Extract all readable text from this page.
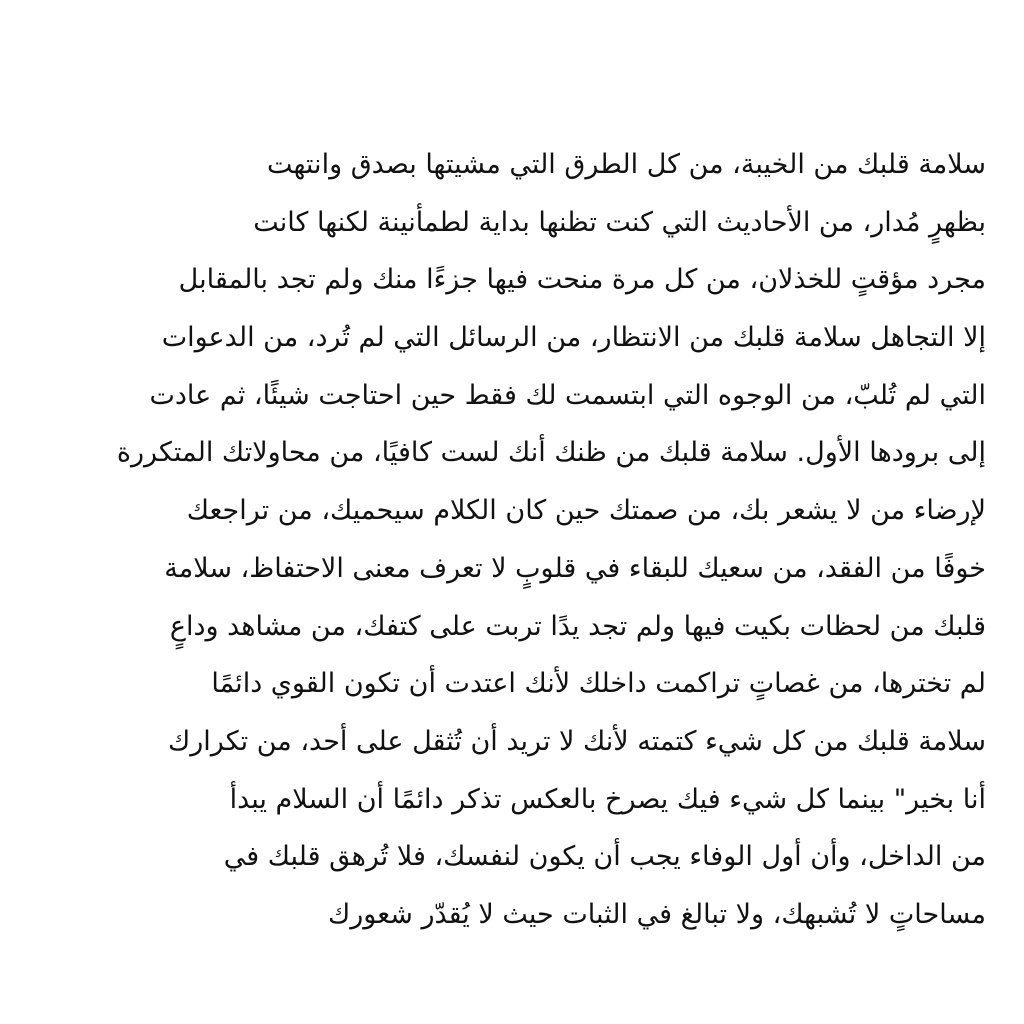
سلامة قلبك من الخيبة، من كل الطرق التي مشيتها بصدق وانتهت
بظهرٍ مُدار، من الأحاديث التي كنت تظنها بداية لطمأنينة لكنها كانت
مجرد مؤقتٍ للخذلان، من كل مرة منحت فيها جزءًا منك ولم تجد بالمقابل
إلا التجاهل سلامة قلبك من الانتظار، من الرسائل التي لم تُرد، من الدعوات
التي لم تُلبّ، من الوجوه التي ابتسمت لك فقط حين احتاجت شيئًا، ثم عادت
إلى برودها الأول. سلامة قلبك من ظنك أنك لست كافيًا، من محاولاتك المتكررة
لإرضاء من لا يشعر بك، من صمتك حين كان الكلام سيحميك، من تراجعك
خوفًا من الفقد، من سعيك للبقاء في قلوبٍ لا تعرف معنى الاحتفاظ، سلامة
قلبك من لحظات بكيت فيها ولم تجد يدًا تربت على كتفك، من مشاهد وداعٍ
لم تخترها، من غصاتٍ تراكمت داخلك لأنك اعتدت أن تكون القوي دائمًا
سلامة قلبك من كل شيء كتمته لأنك لا تريد أن تُثقل على أحد، من تكرارك
أنا بخير" بينما كل شيء فيك يصرخ بالعكس تذكر دائمًا أن السلام يبدأ
من الداخل، وأن أول الوفاء يجب أن يكون لنفسك، فلا تُرهق قلبك في
مساحاتٍ لا تُشبهك، ولا تبالغ في الثبات حيث لا يُقدّر شعورك
